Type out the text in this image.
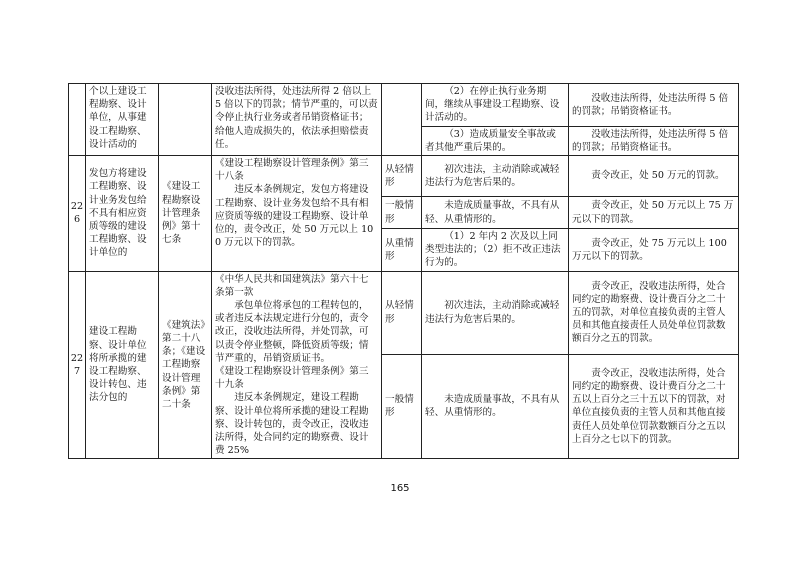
	个以上建设工程勘察、设计单位，从事建设工程勘察、设计活动的		没收违法所得，处违法所得 2 倍以上 5 倍以下的罚款；情节严重的，可以责令停止执行业务或者吊销资格证书；给他人造成损失的，依法承担赔偿责任。		（2）在停止执行业务期间，继续从事建设工程勘察、设计活动的。	没收违法所得，处违法所得 5 倍的罚款；吊销资格证书。
					（3）造成质量安全事故或者其他严重后果的。	没收违法所得，处违法所得 5 倍的罚款；吊销资格证书。
226	发包方将建设工程勘察、设计业务发包给不具有相应资质等级的建设工程勘察、设计单位的	《建设工程勘察设计管理条例》第十七条	《建设工程勘察设计管理条例》第三十八条
违反本条例规定，发包方将建设工程勘察、设计业务发包给不具有相应资质等级的建设工程勘察、设计单位的，责令改正，处 50 万元以上 100 万元以下的罚款。	从轻情形	初次违法，主动消除或减轻违法行为危害后果的。	责令改正，处 50 万元的罚款。
				一般情形	未造成质量事故，不具有从轻、从重情形的。	责令改正，处 50 万元以上 75 万元以下的罚款。
				从重情形	（1）2 年内 2 次及以上同类型违法的；（2）拒不改正违法行为的。	责令改正，处 75 万元以上 100 万元以下的罚款。
227	建设工程勘察、设计单位将所承揽的建设工程勘察、设计转包、违法分包的	《建筑法》第二十八条；《建设工程勘察设计管理条例》第二十条	《中华人民共和国建筑法》第六十七条第一款
承包单位将承包的工程转包的，或者违反本法规定进行分包的，责令改正，没收违法所得，并处罚款，可以责令停业整顿，降低资质等级；情节严重的，吊销资质证书。
《建设工程勘察设计管理条例》第三十九条
违反本条例规定，建设工程勘察、设计单位将所承揽的建设工程勘察、设计转包的，责令改正，没收违法所得，处合同约定的勘察费、设计费 25%	从轻情形	初次违法，主动消除或减轻违法行为危害后果的。	责令改正，没收违法所得，处合同约定的勘察费、设计费百分之二十五的罚款，对单位直接负责的主管人员和其他直接责任人员处单位罚款数额百分之五的罚款。
				一般情形	未造成质量事故，不具有从轻、从重情形的。	责令改正，没收违法所得，处合同约定的勘察费、设计费百分之二十五以上百分之三十五以下的罚款，对单位直接负责的主管人员和其他直接责任人员处单位罚款数额百分之五以上百分之七以下的罚款。
165
